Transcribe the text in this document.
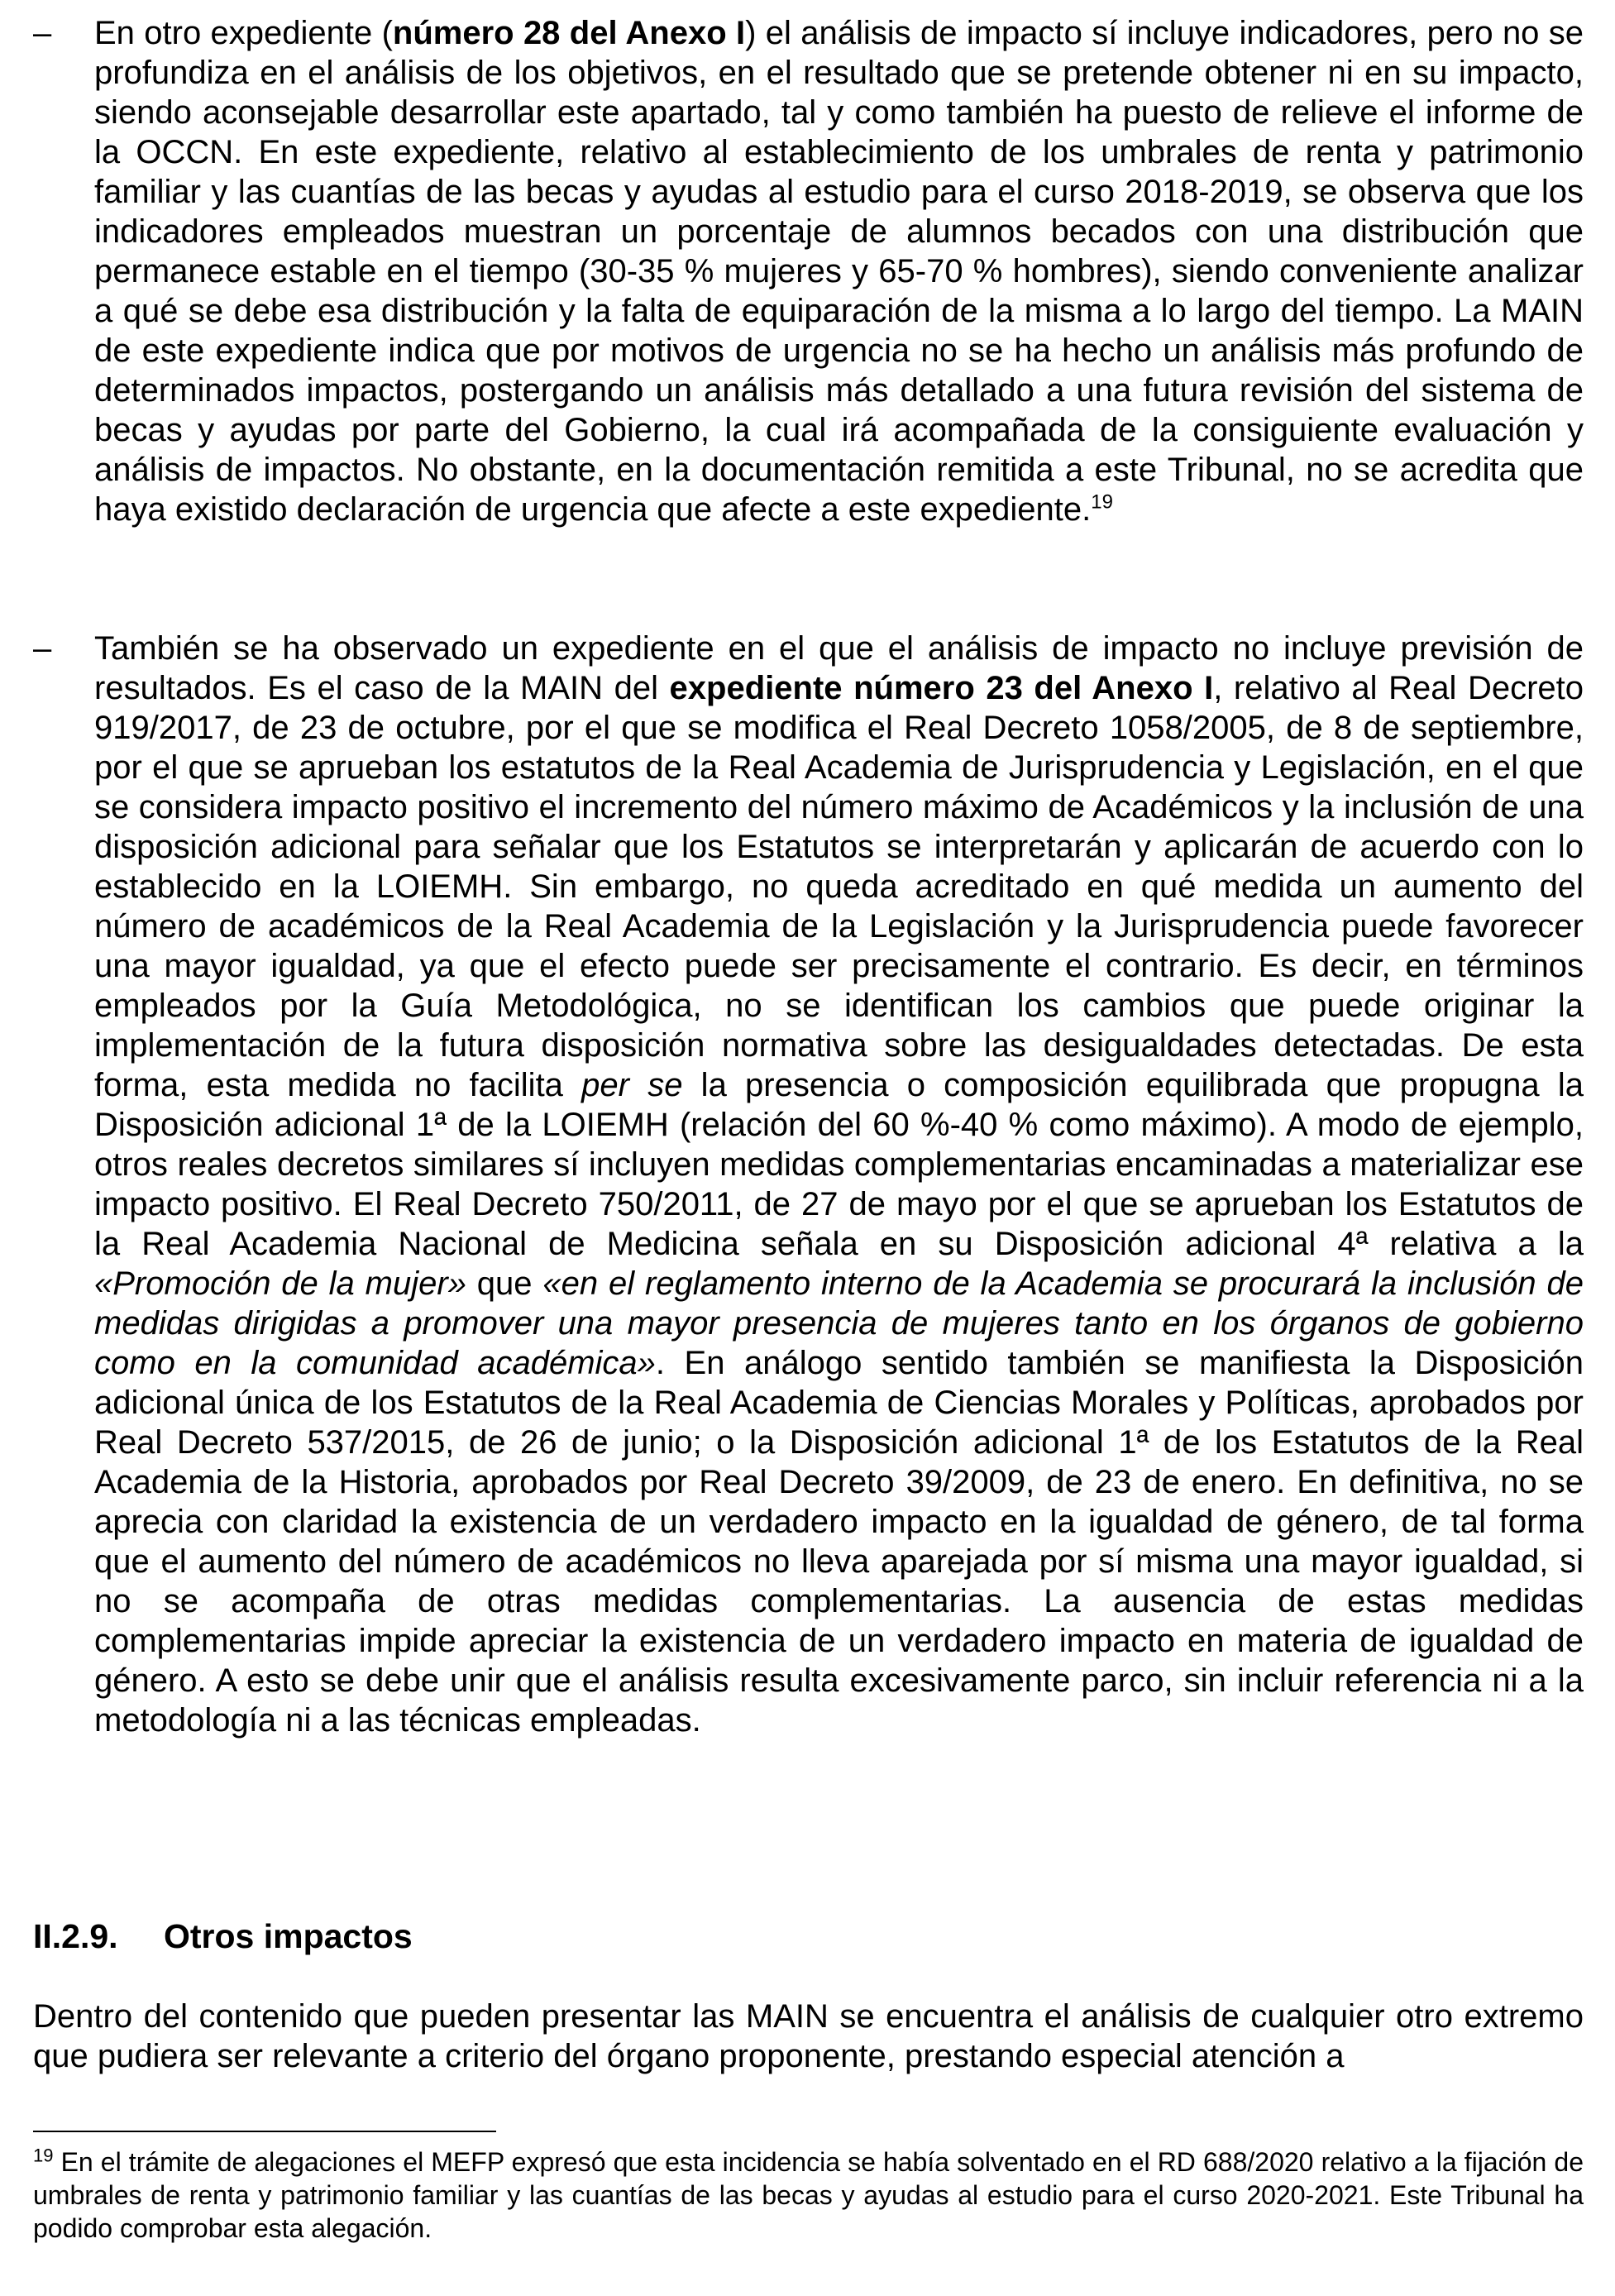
– En otro expediente (número 28 del Anexo I) el análisis de impacto sí incluye indicadores, pero no se profundiza en el análisis de los objetivos, en el resultado que se pretende obtener ni en su impacto, siendo aconsejable desarrollar este apartado, tal y como también ha puesto de relieve el informe de la OCCN. En este expediente, relativo al establecimiento de los umbrales de renta y patrimonio familiar y las cuantías de las becas y ayudas al estudio para el curso 2018-2019, se observa que los indicadores empleados muestran un porcentaje de alumnos becados con una distribución que permanece estable en el tiempo (30-35 % mujeres y 65-70 % hombres), siendo conveniente analizar a qué se debe esa distribución y la falta de equiparación de la misma a lo largo del tiempo. La MAIN de este expediente indica que por motivos de urgencia no se ha hecho un análisis más profundo de determinados impactos, postergando un análisis más detallado a una futura revisión del sistema de becas y ayudas por parte del Gobierno, la cual irá acompañada de la consiguiente evaluación y análisis de impactos. No obstante, en la documentación remitida a este Tribunal, no se acredita que haya existido declaración de urgencia que afecte a este expediente.$^{19}$
– También se ha observado un expediente en el que el análisis de impacto no incluye previsión de resultados. Es el caso de la MAIN del expediente número 23 del Anexo I, relativo al Real Decreto 919/2017, de 23 de octubre, por el que se modifica el Real Decreto 1058/2005, de 8 de septiembre, por el que se aprueban los estatutos de la Real Academia de Jurisprudencia y Legislación, en el que se considera impacto positivo el incremento del número máximo de Académicos y la inclusión de una disposición adicional para señalar que los Estatutos se interpretarán y aplicarán de acuerdo con lo establecido en la LOIEMH. Sin embargo, no queda acreditado en qué medida un aumento del número de académicos de la Real Academia de la Legislación y la Jurisprudencia puede favorecer una mayor igualdad, ya que el efecto puede ser precisamente el contrario. Es decir, en términos empleados por la Guía Metodológica, no se identifican los cambios que puede originar la implementación de la futura disposición normativa sobre las desigualdades detectadas. De esta forma, esta medida no facilita per se la presencia o composición equilibrada que propugna la Disposición adicional 1ª de la LOIEMH (relación del 60 %-40 % como máximo). A modo de ejemplo, otros reales decretos similares sí incluyen medidas complementarias encaminadas a materializar ese impacto positivo. El Real Decreto 750/2011, de 27 de mayo por el que se aprueban los Estatutos de la Real Academia Nacional de Medicina señala en su Disposición adicional 4ª relativa a la «Promoción de la mujer» que «en el reglamento interno de la Academia se procurará la inclusión de medidas dirigidas a promover una mayor presencia de mujeres tanto en los órganos de gobierno como en la comunidad académica». En análogo sentido también se manifiesta la Disposición adicional única de los Estatutos de la Real Academia de Ciencias Morales y Políticas, aprobados por Real Decreto 537/2015, de 26 de junio; o la Disposición adicional 1ª de los Estatutos de la Real Academia de la Historia, aprobados por Real Decreto 39/2009, de 23 de enero. En definitiva, no se aprecia con claridad la existencia de un verdadero impacto en la igualdad de género, de tal forma que el aumento del número de académicos no lleva aparejada por sí misma una mayor igualdad, si no se acompaña de otras medidas complementarias. La ausencia de estas medidas complementarias impide apreciar la existencia de un verdadero impacto en materia de igualdad de género. A esto se debe unir que el análisis resulta excesivamente parco, sin incluir referencia ni a la metodología ni a las técnicas empleadas.
II.2.9. Otros impactos
Dentro del contenido que pueden presentar las MAIN se encuentra el análisis de cualquier otro extremo que pudiera ser relevante a criterio del órgano proponente, prestando especial atención a
$^{19}$ En el trámite de alegaciones el MEFP expresó que esta incidencia se había solventado en el RD 688/2020 relativo a la fijación de umbrales de renta y patrimonio familiar y las cuantías de las becas y ayudas al estudio para el curso 2020-2021. Este Tribunal ha podido comprobar esta alegación.
